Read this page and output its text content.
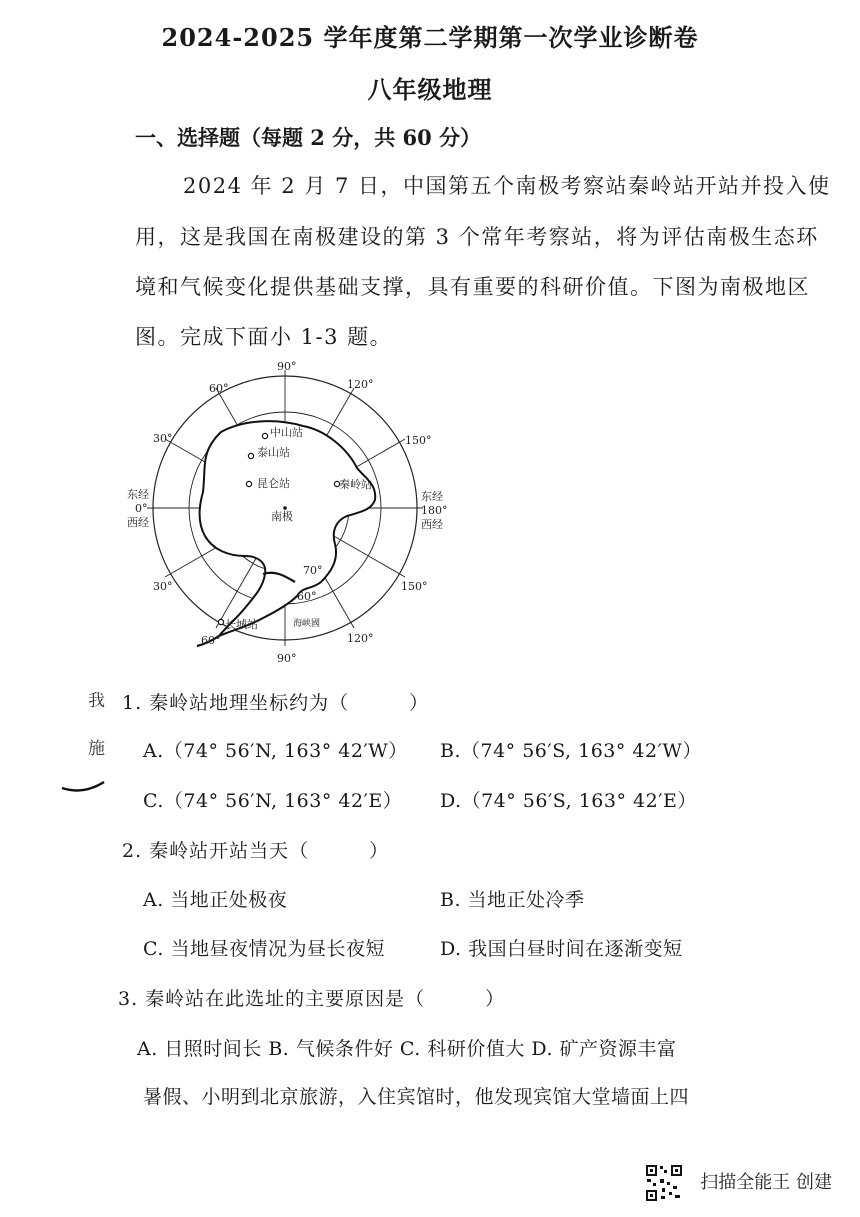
2024-2025 学年度第二学期第一次学业诊断卷
八年级地理
一、选择题（每题 2 分，共 60 分）
2024 年 2 月 7 日，中国第五个南极考察站秦岭站开站并投入使
用，这是我国在南极建设的第 3 个常年考察站，将为评估南极生态环
境和气候变化提供基础支撑，具有重要的科研价值。下图为南极地区
图。完成下面小 1-3 题。
90°
90°
60°	120°
60°	120°
30°	150°
30°	150°
东经
0°
西经
东经
180°
西经
60°
70°
中山站
泰山站
昆仑站	秦岭站
南极
长城站	海峡國
我
施
1. 秦岭站地理坐标约为（　　　）
A.（74° 56′N, 163° 42′W） B.（74° 56′S, 163° 42′W）
C.（74° 56′N, 163° 42′E） D.（74° 56′S, 163° 42′E）
2. 秦岭站开站当天（　　　）
A. 当地正处极夜	B. 当地正处冷季
C. 当地昼夜情况为昼长夜短	D. 我国白昼时间在逐渐变短
3. 秦岭站在此选址的主要原因是（　　　）
A. 日照时间长 B. 气候条件好 C. 科研价值大 D. 矿产资源丰富
暑假、小明到北京旅游，入住宾馆时，他发现宾馆大堂墙面上四
扫描全能王 创建
